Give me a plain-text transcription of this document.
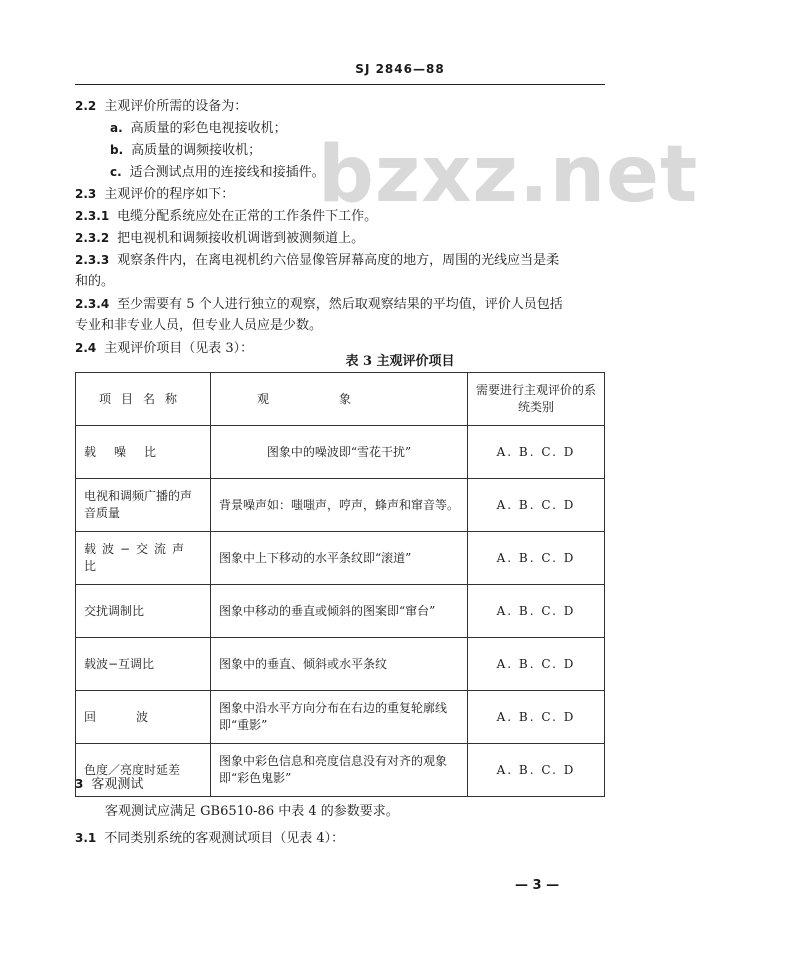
SJ 2846—88
bzxz.net
2.2 主观评价所需的设备为：
a. 高质量的彩色电视接收机；
b. 高质量的调频接收机；
c. 适合测试点用的连接线和接插件。
2.3 主观评价的程序如下：
2.3.1 电缆分配系统应处在正常的工作条件下工作。
2.3.2 把电视机和调频接收机调谐到被测频道上。
2.3.3 观察条件内，在离电视机约六倍显像管屏幕高度的地方，周围的光线应当是柔
和的。
2.3.4 至少需要有 5 个人进行独立的观察，然后取观察结果的平均值，评价人员包括
专业和非专业人员，但专业人员应是少数。
2.4 主观评价项目（见表 3）：
表 3 主观评价项目
项目名称	观象	需要进行主观评价的系统类别
载噪比	图象中的噪波即“雪花干扰”	A. B. C. D
电视和调频广播的声音质量	背景噪声如：嗤嗤声，哼声，蜂声和窜音等。	A. B. C. D
载波−交流声比	图象中上下移动的水平条纹即“滚道”	A. B. C. D
交扰调制比	图象中移动的垂直或倾斜的图案即“窜台”	A. B. C. D
载波−互调比	图象中的垂直、倾斜或水平条纹	A. B. C. D
回波	图象中沿水平方向分布在右边的重复轮廓线即“重影”	A. B. C. D
色度／亮度时延差	图象中彩色信息和亮度信息没有对齐的观象即“彩色鬼影”	A. B. C. D
3 客观测试
客观测试应满足 GB6510-86 中表 4 的参数要求。
3.1 不同类别系统的客观测试项目（见表 4）：
— 3 —
